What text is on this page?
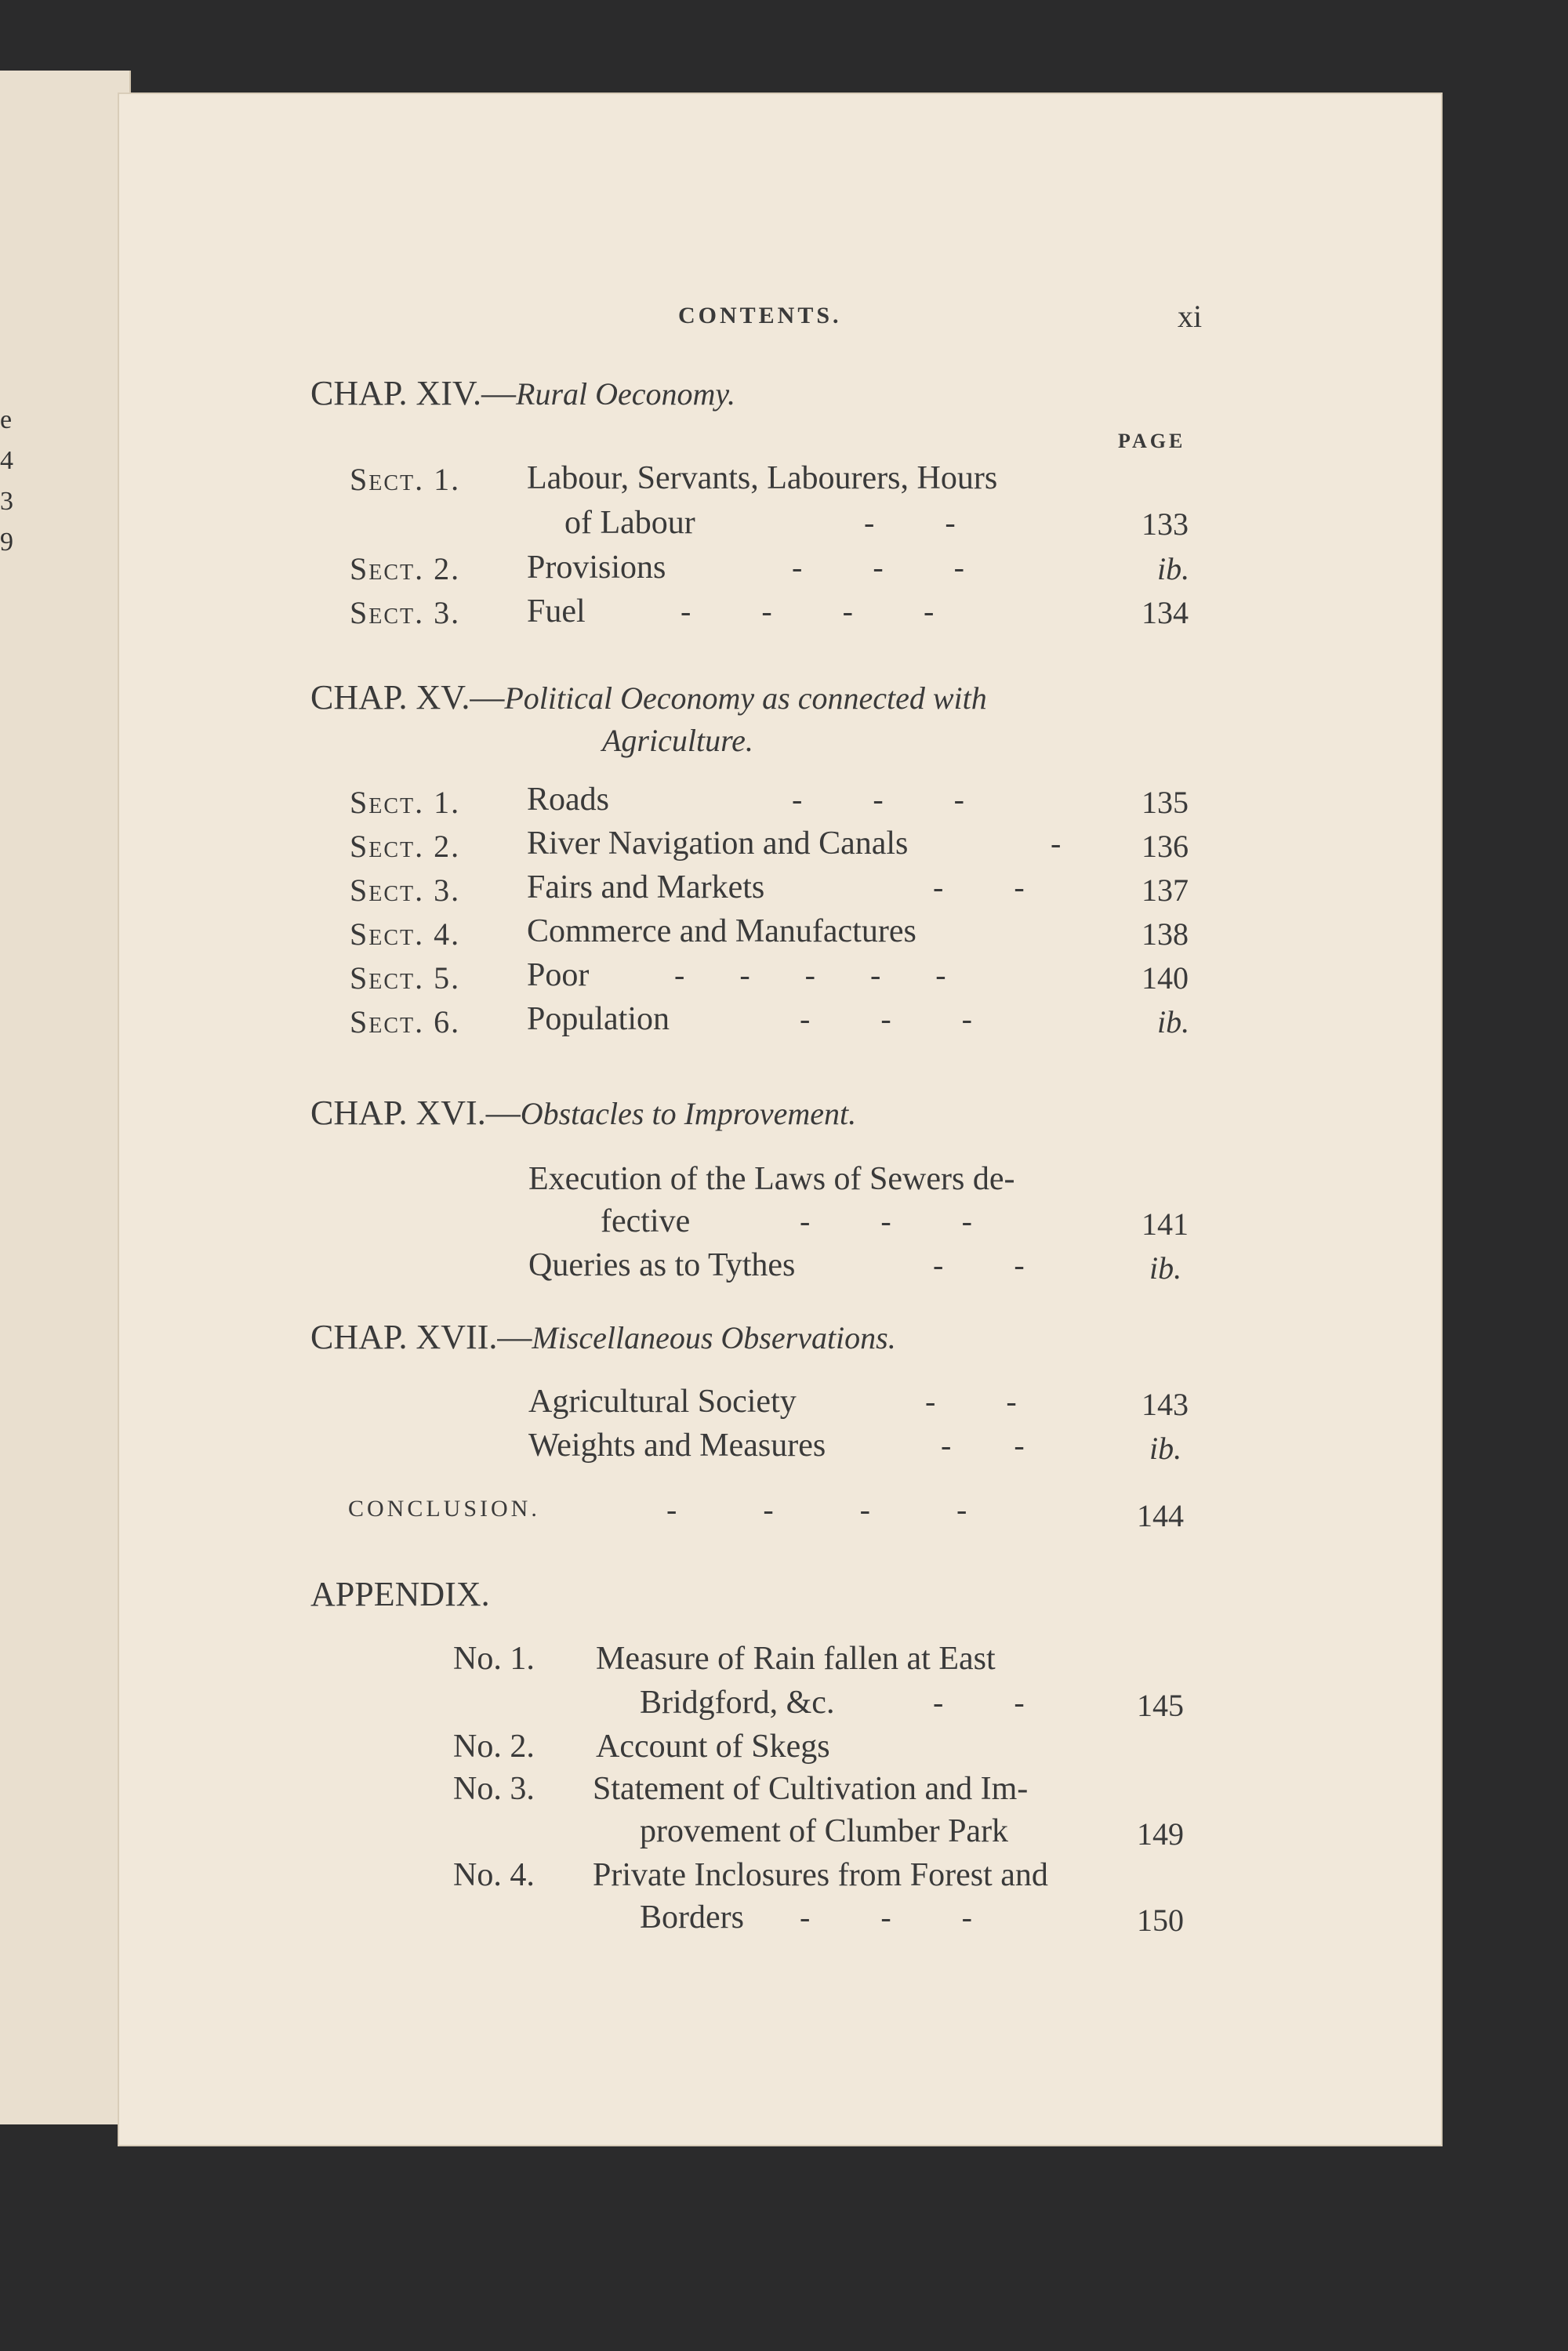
e
4
3
9
CONTENTS.	xi
CHAP. XIV.—Rural Oeconomy.
PAGE
Sect. 1. Labour, Servants, Labourers, Hours
of Labour	-         -	133
Sect. 2. Provisions	-         -         -	ib.
Sect. 3. Fuel	-         -         -         -	134
CHAP. XV.—Political Oeconomy as connected with
Agriculture.
Sect. 1. Roads	-         -         -	135
Sect. 2. River Navigation and Canals	-	136
Sect. 3. Fairs and Markets	-         -	137
Sect. 4. Commerce and Manufactures	138
Sect. 5. Poor	-       -       -       -       -	140
Sect. 6. Population	-         -         -	ib.
CHAP. XVI.—Obstacles to Improvement.
Execution of the Laws of Sewers de-
fective	-         -         -	141
Queries as to Tythes	-         -	ib.
CHAP. XVII.—Miscellaneous Observations.
Agricultural Society	-         -	143
Weights and Measures	-        -	ib.
CONCLUSION.	-           -           -           -	144
APPENDIX.
No. 1. Measure of Rain fallen at East
Bridgford, &c.	-         -	145
No. 2. Account of Skegs
No. 3. Statement of Cultivation and Im-
provement of Clumber Park	149
No. 4. Private Inclosures from Forest and
Borders -         -         -	150
